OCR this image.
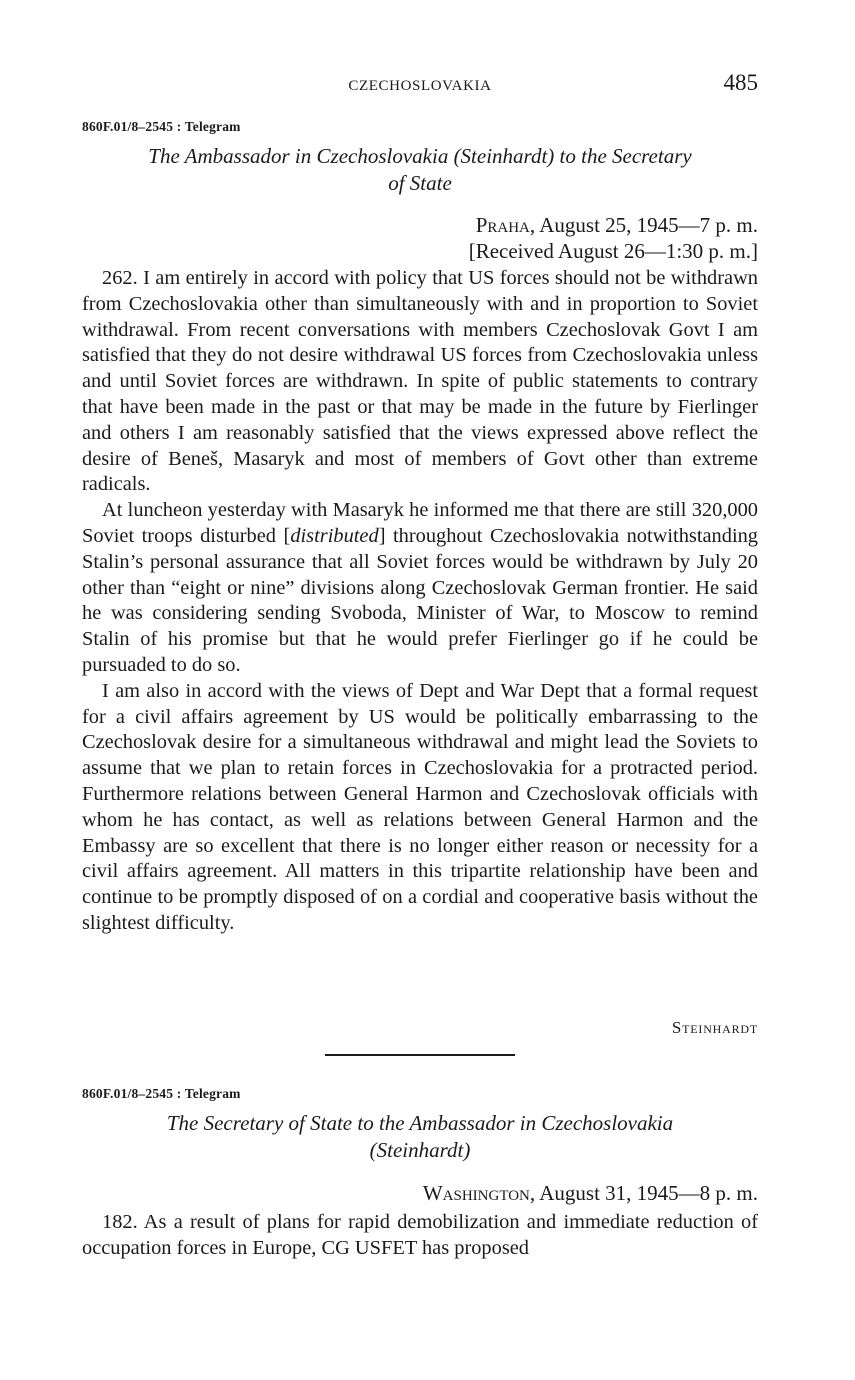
CZECHOSLOVAKIA	485
860F.01/8–2545 : Telegram
The Ambassador in Czechoslovakia (Steinhardt) to the Secretary
of State
Praha, August 25, 1945—7 p. m.
[Received August 26—1:30 p. m.]

262. I am entirely in accord with policy that US forces should not be withdrawn from Czechoslovakia other than simultaneously with and in proportion to Soviet withdrawal. From recent conversations with members Czechoslovak Govt I am satisfied that they do not desire withdrawal US forces from Czechoslovakia unless and until Soviet forces are withdrawn. In spite of public statements to contrary that have been made in the past or that may be made in the future by Fierlinger and others I am reasonably satisfied that the views expressed above reflect the desire of Beneš, Masaryk and most of members of Govt other than extreme radicals.

At luncheon yesterday with Masaryk he informed me that there are still 320,000 Soviet troops disturbed [distributed] throughout Czechoslovakia notwithstanding Stalin’s personal assurance that all Soviet forces would be withdrawn by July 20 other than “eight or nine” divisions along Czechoslovak German frontier. He said he was considering sending Svoboda, Minister of War, to Moscow to remind Stalin of his promise but that he would prefer Fierlinger go if he could be pursuaded to do so.

I am also in accord with the views of Dept and War Dept that a formal request for a civil affairs agreement by US would be politically embarrassing to the Czechoslovak desire for a simultaneous withdrawal and might lead the Soviets to assume that we plan to retain forces in Czechoslovakia for a protracted period. Furthermore relations between General Harmon and Czechoslovak officials with whom he has contact, as well as relations between General Harmon and the Embassy are so excellent that there is no longer either reason or necessity for a civil affairs agreement. All matters in this tripartite relationship have been and continue to be promptly disposed of on a cordial and cooperative basis without the slightest difficulty.

Steinhardt
860F.01/8–2545 : Telegram
The Secretary of State to the Ambassador in Czechoslovakia
(Steinhardt)
Washington, August 31, 1945—8 p. m.

182. As a result of plans for rapid demobilization and immediate reduction of occupation forces in Europe, CG USFET has proposed
